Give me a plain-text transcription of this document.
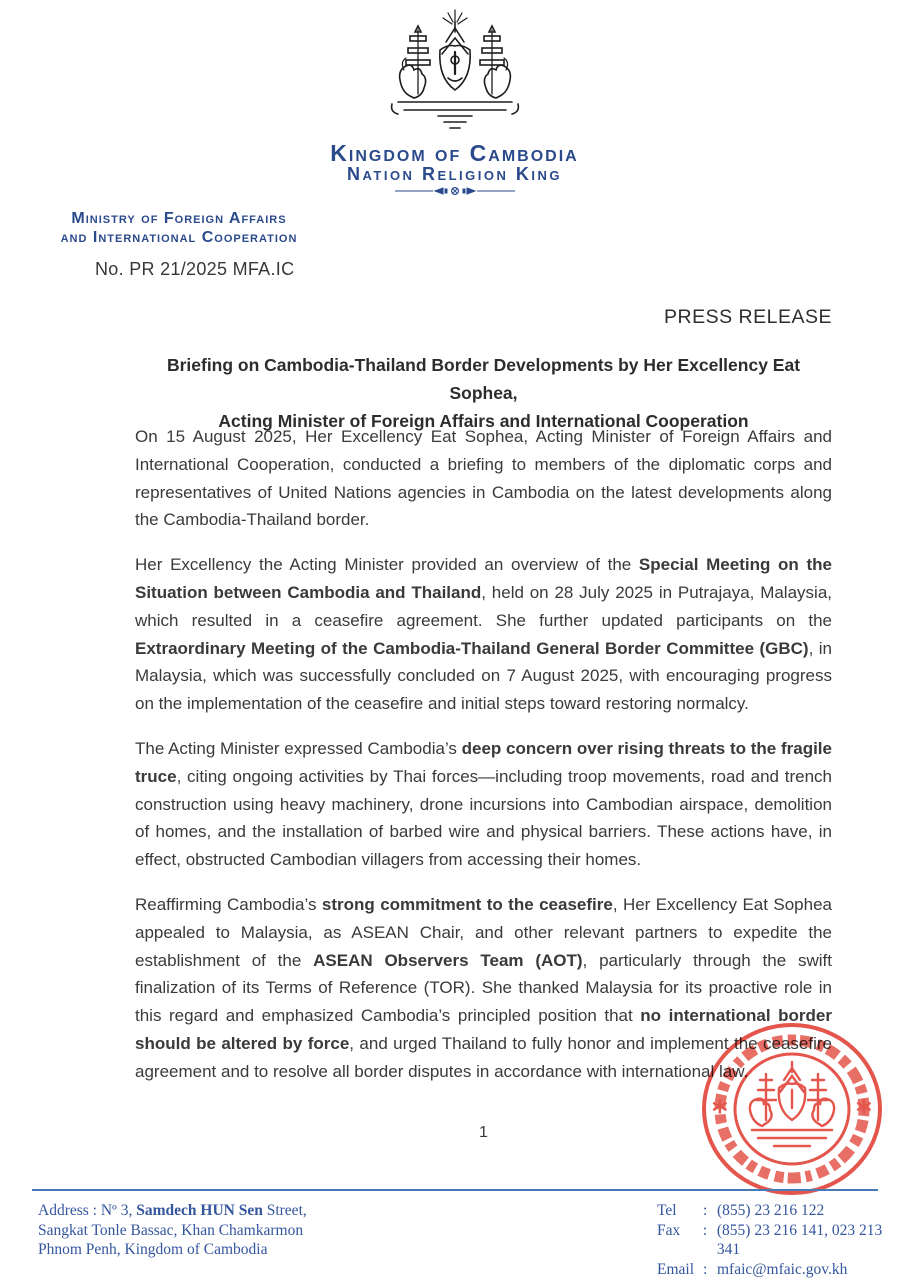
Kingdom of Cambodia
Nation Religion King
Ministry of Foreign Affairs
and International Cooperation
No. PR 21/2025 MFA.IC
PRESS RELEASE
Briefing on Cambodia-Thailand Border Developments by Her Excellency Eat Sophea,
Acting Minister of Foreign Affairs and International Cooperation

On 15 August 2025, Her Excellency Eat Sophea, Acting Minister of Foreign Affairs and International Cooperation, conducted a briefing to members of the diplomatic corps and representatives of United Nations agencies in Cambodia on the latest developments along the Cambodia-Thailand border.

Her Excellency the Acting Minister provided an overview of the Special Meeting on the Situation between Cambodia and Thailand, held on 28 July 2025 in Putrajaya, Malaysia, which resulted in a ceasefire agreement. She further updated participants on the Extraordinary Meeting of the Cambodia-Thailand General Border Committee (GBC), in Malaysia, which was successfully concluded on 7 August 2025, with encouraging progress on the implementation of the ceasefire and initial steps toward restoring normalcy.

The Acting Minister expressed Cambodia’s deep concern over rising threats to the fragile truce, citing ongoing activities by Thai forces—including troop movements, road and trench construction using heavy machinery, drone incursions into Cambodian airspace, demolition of homes, and the installation of barbed wire and physical barriers. These actions have, in effect, obstructed Cambodian villagers from accessing their homes.

Reaffirming Cambodia’s strong commitment to the ceasefire, Her Excellency Eat Sophea appealed to Malaysia, as ASEAN Chair, and other relevant partners to expedite the establishment of the ASEAN Observers Team (AOT), particularly through the swift finalization of its Terms of Reference (TOR). She thanked Malaysia for its proactive role in this regard and emphasized Cambodia’s principled position that no international border should be altered by force, and urged Thailand to fully honor and implement the ceasefire agreement and to resolve all border disputes in accordance with international law.

1
*	*
Address : Nº 3, Samdech HUN Sen Street,
Sangkat Tonle Bassac, Khan Chamkarmon
Phnom Penh, Kingdom of Cambodia
Tel	: (855) 23 216 122
Fax	: (855) 23 216 141, 023 213 341
Email : mfaic@mfaic.gov.kh
